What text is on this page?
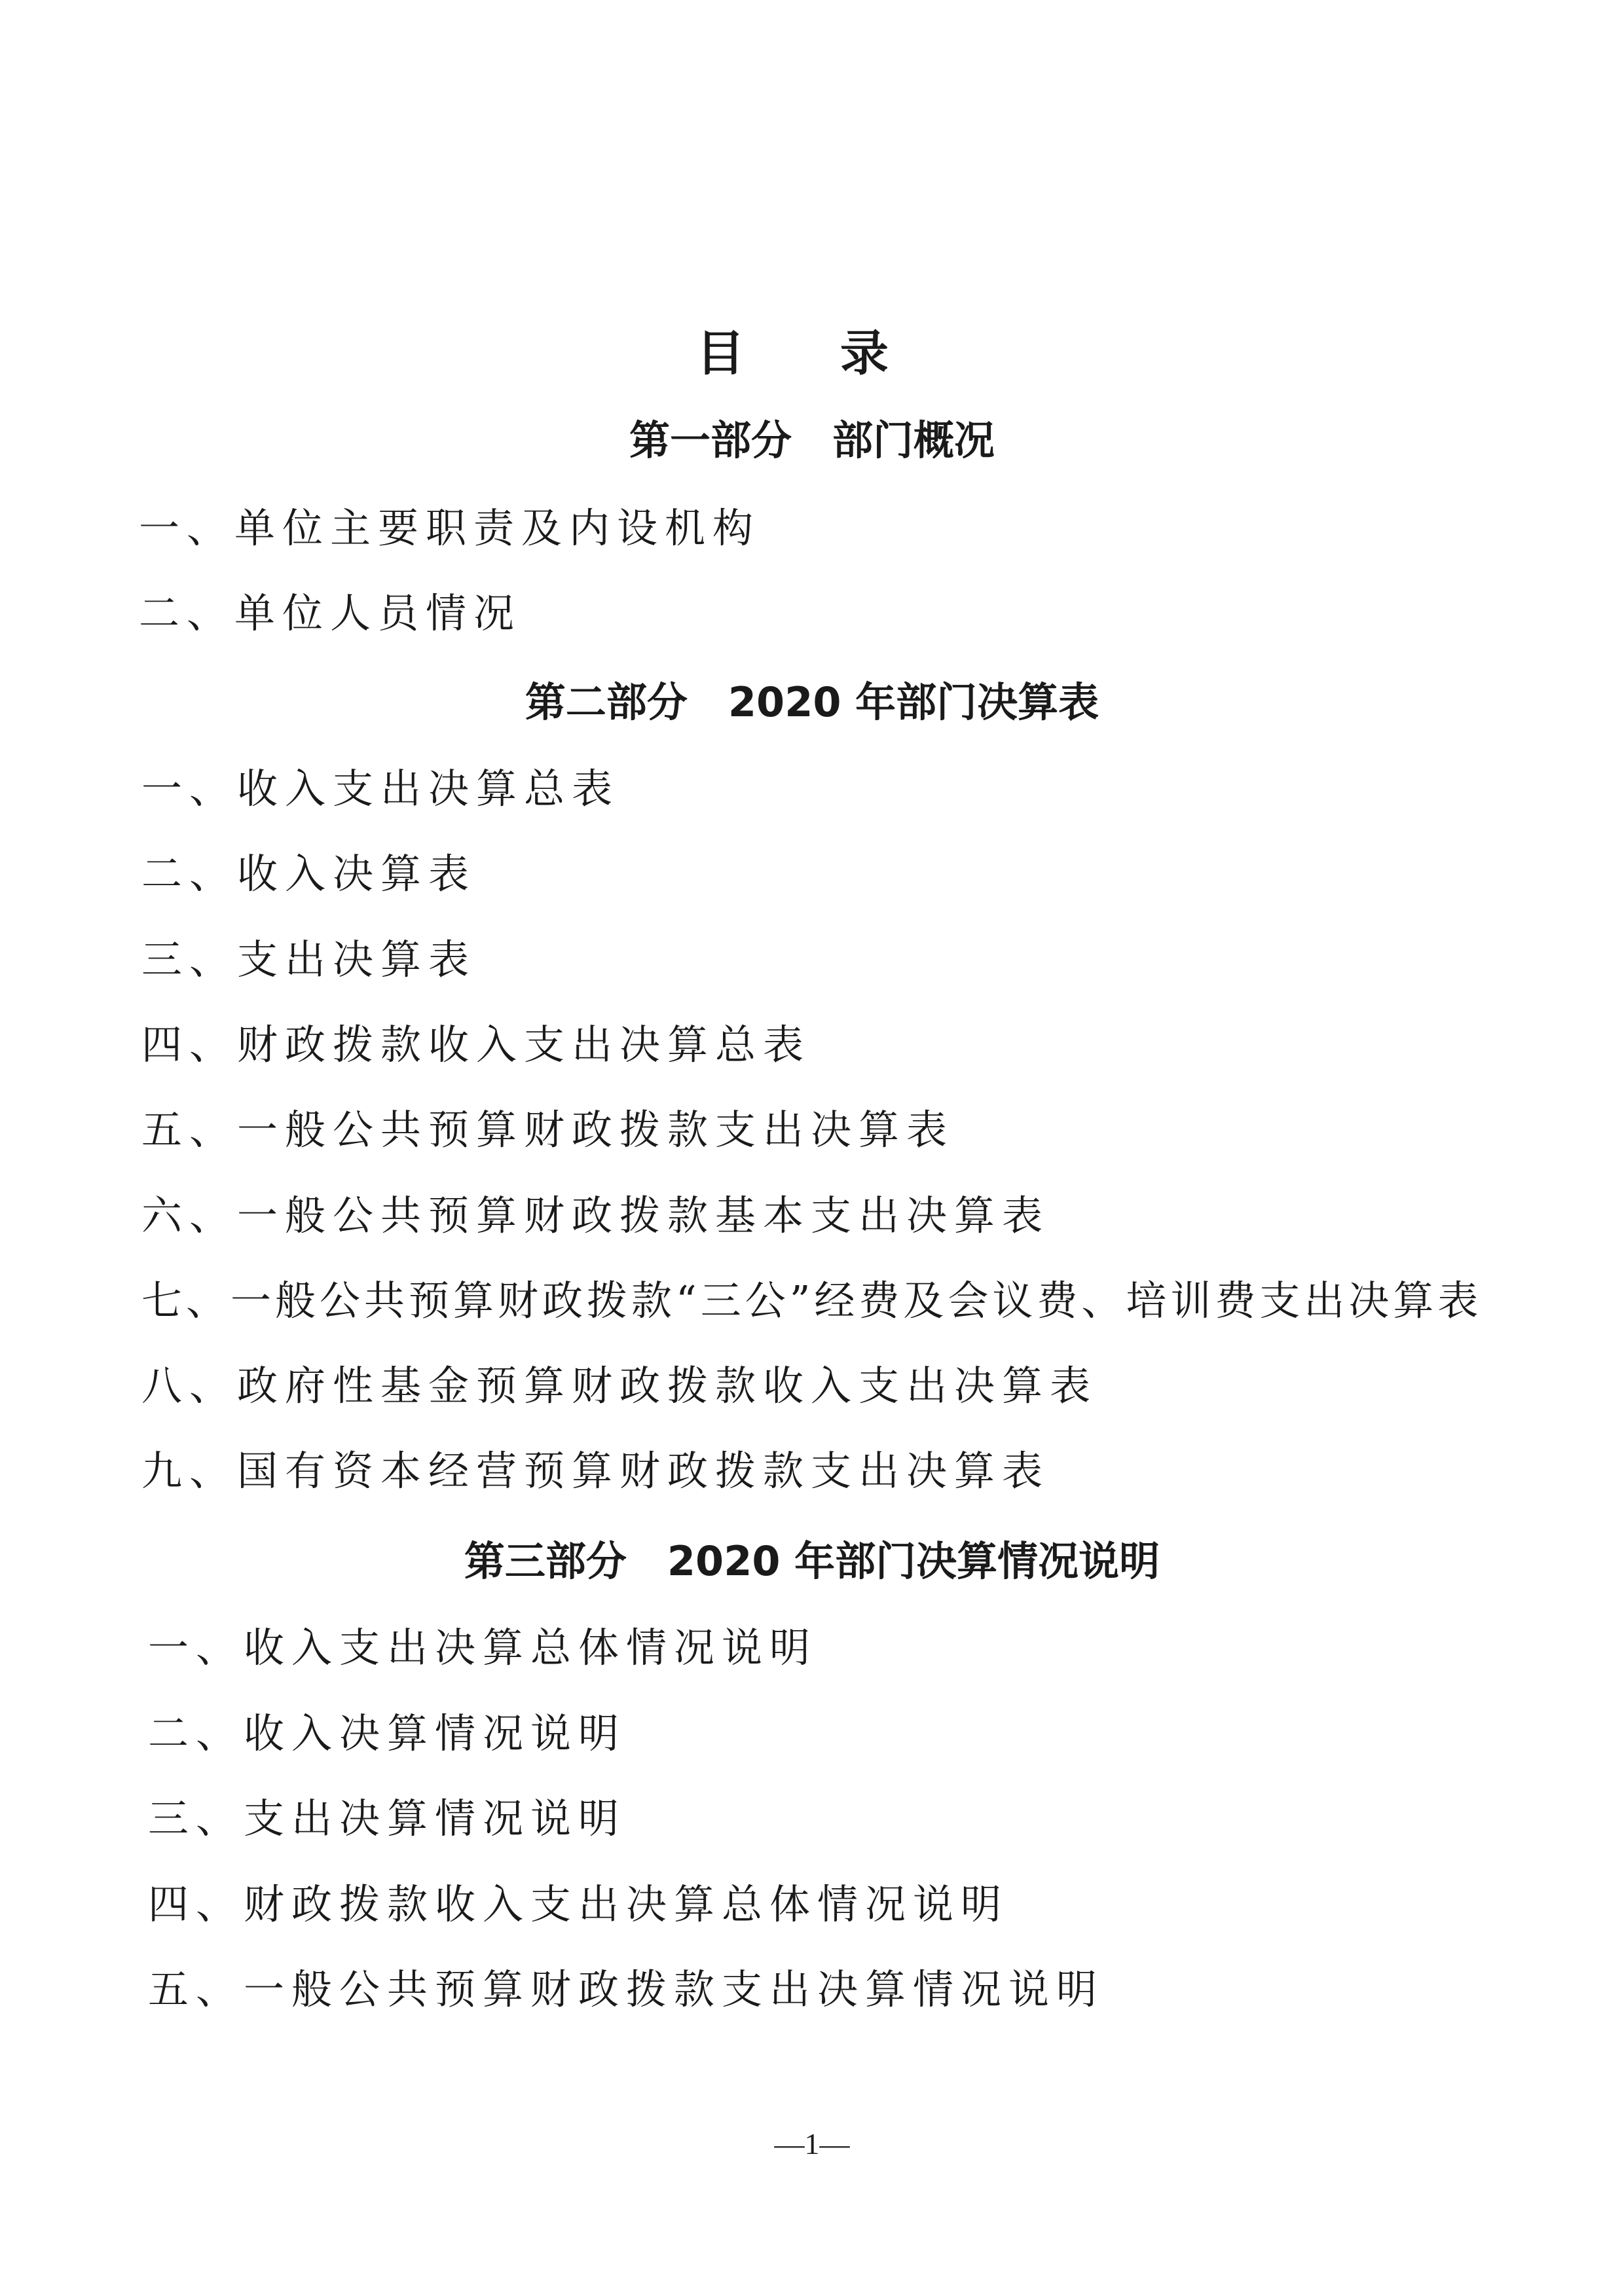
目 录
第一部分 部门概况
一、单位主要职责及内设机构
二、单位人员情况
第二部分 2020 年部门决算表
一、收入支出决算总表
二、收入决算表
三、支出决算表
四、财政拨款收入支出决算总表
五、一般公共预算财政拨款支出决算表
六、一般公共预算财政拨款基本支出决算表
七、一般公共预算财政拨款“三公”经费及会议费、培训费支出决算表
八、政府性基金预算财政拨款收入支出决算表
九、国有资本经营预算财政拨款支出决算表
第三部分 2020 年部门决算情况说明
一、收入支出决算总体情况说明
二、收入决算情况说明
三、支出决算情况说明
四、财政拨款收入支出决算总体情况说明
五、一般公共预算财政拨款支出决算情况说明
—1—
